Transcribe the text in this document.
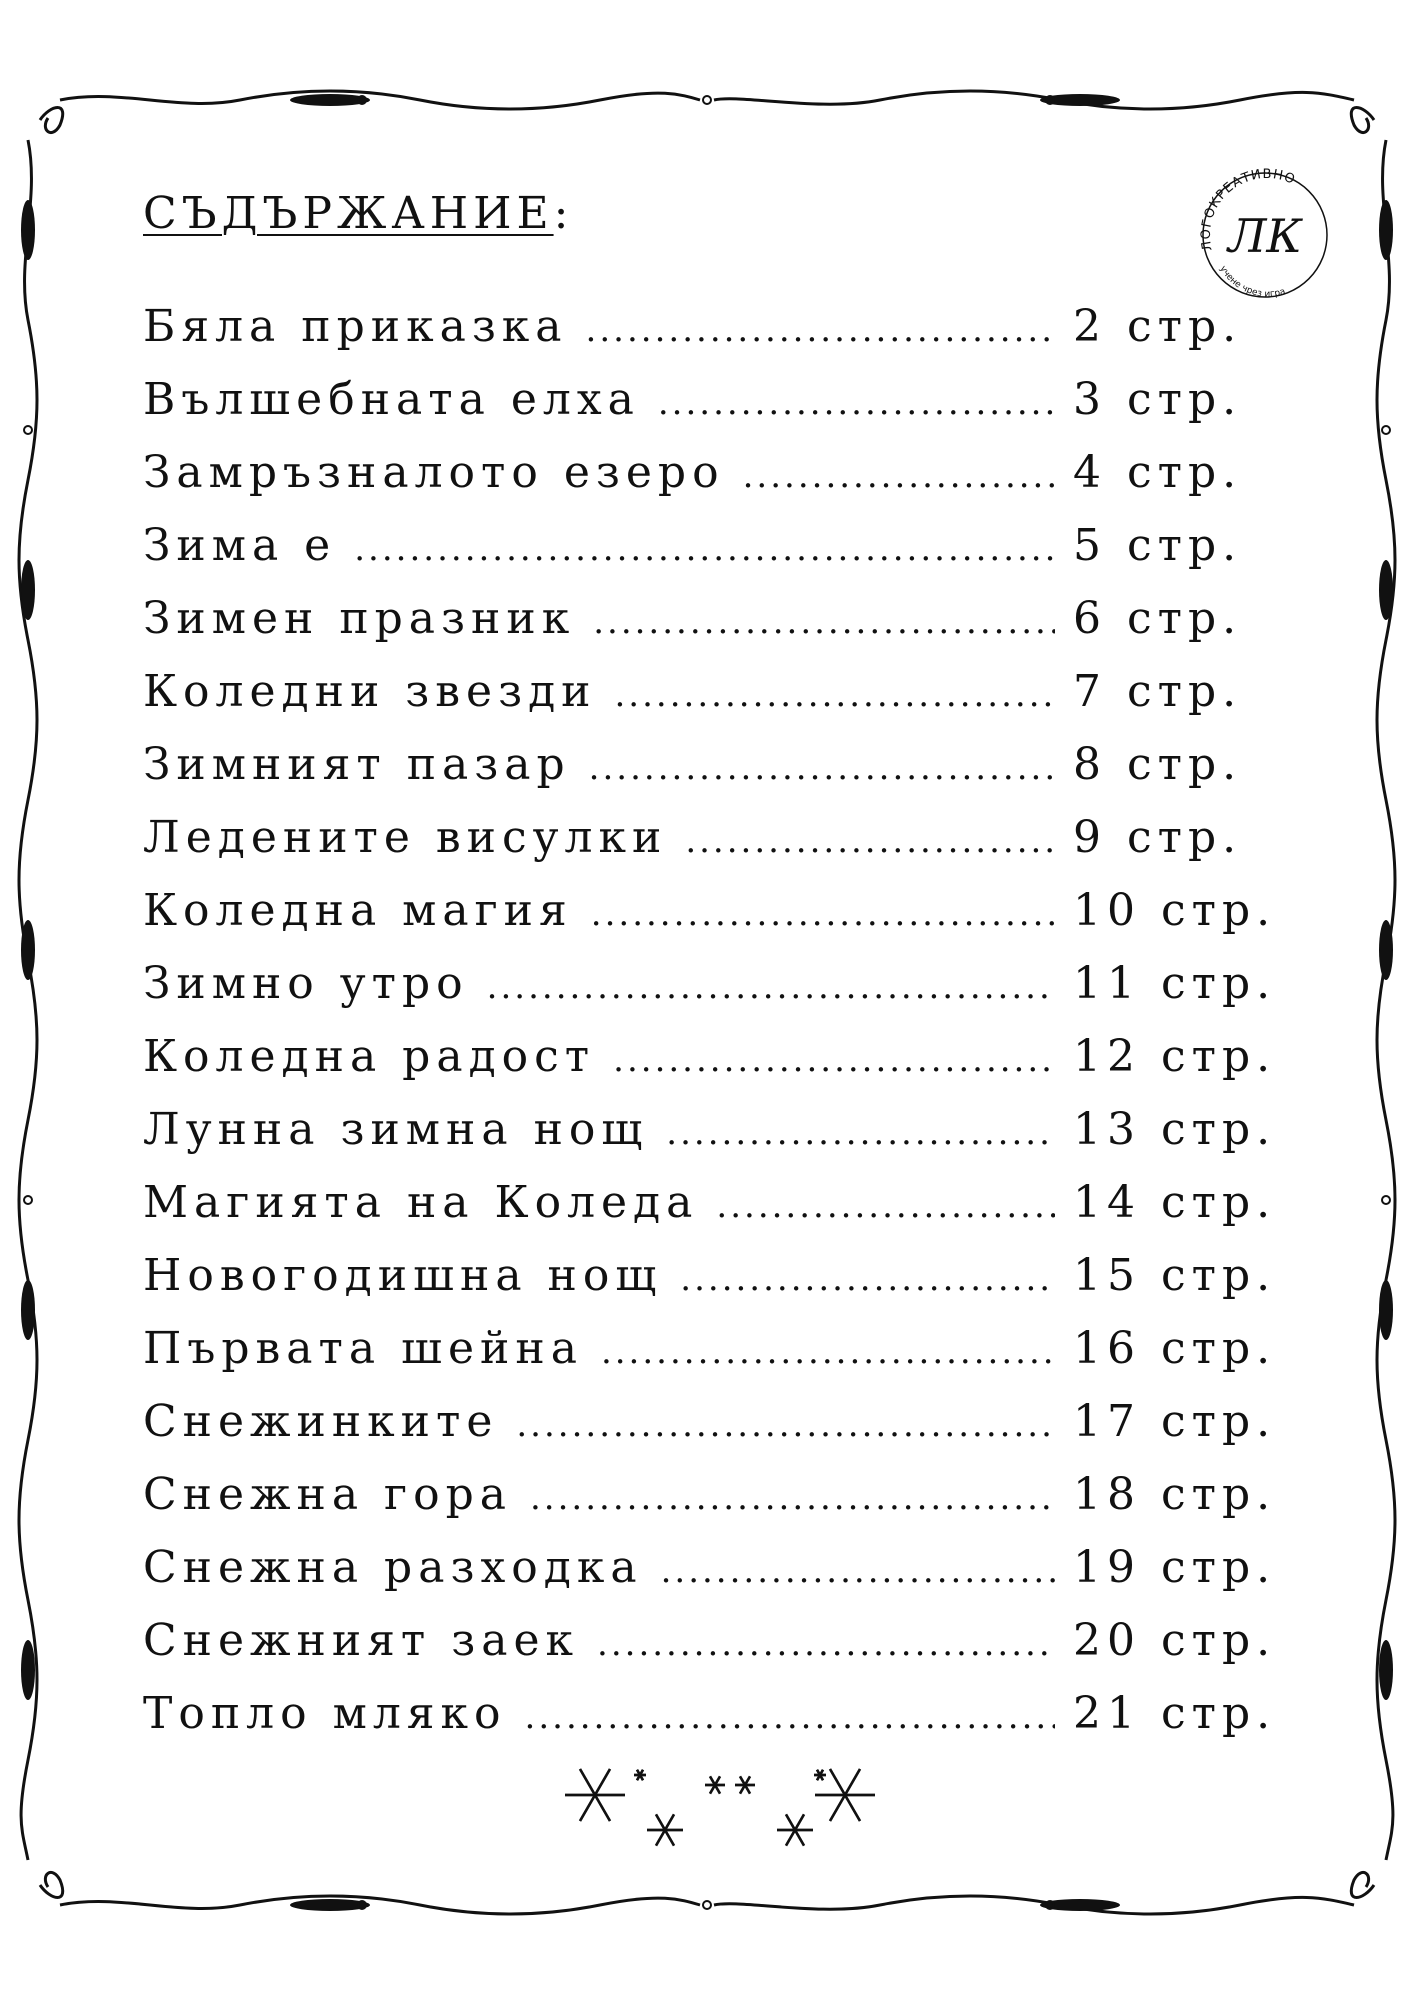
СЪДЪРЖАНИЕ:
ЛОГОКРЕАТИВНО
учене чрез игра
ЛК
Бяла приказка .....	2 стр.
Вълшебната елха .....	3 стр.
Замръзналото езеро .....	4 стр.
Зима е .....	5 стр.
Зимен празник .....	6 стр.
Коледни звезди .....	7 стр.
Зимният пазар .....	8 стр.
Ледените висулки .....	9 стр.
Коледна магия .....	10 стр.
Зимно утро .....	11 стр.
Коледна радост .....	12 стр.
Лунна зимна нощ .....	13 стр.
Магията на Коледа .....	14 стр.
Новогодишна нощ .....	15 стр.
Първата шейна .....	16 стр.
Снежинките .....	17 стр.
Снежна гора .....	18 стр.
Снежна разходка .....	19 стр.
Снежният заек .....	20 стр.
Топло мляко .....	21 стр.
